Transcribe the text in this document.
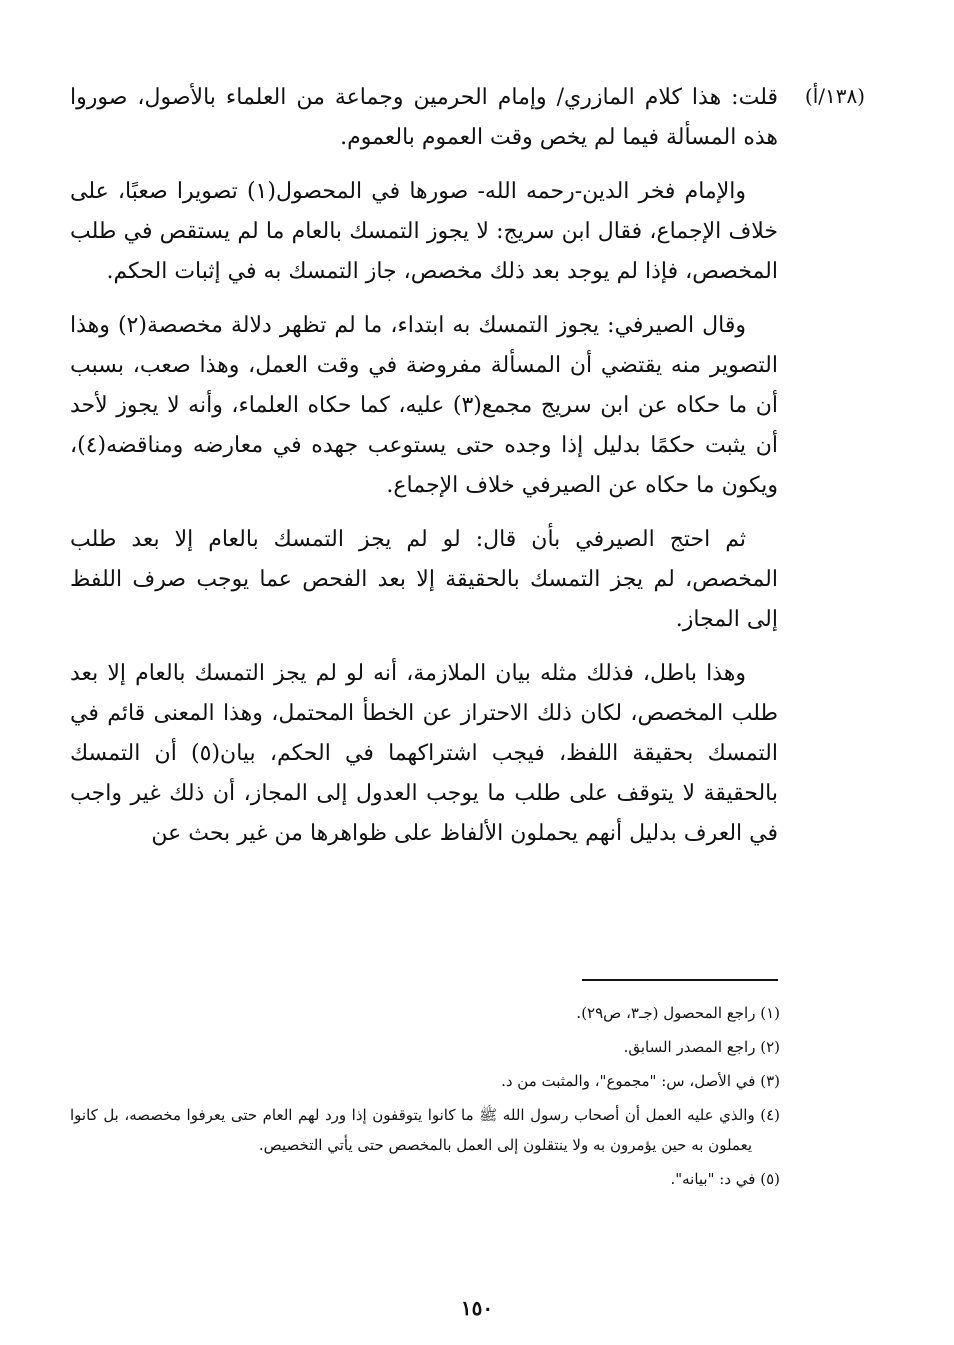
(١٣٨/أ)

قلت: هذا كلام المازري/ وإمام الحرمين وجماعة من العلماء بالأصول، صوروا هذه المسألة فيما لم يخص وقت العموم بالعموم.

والإمام فخر الدين-رحمه الله- صورها في المحصول(١) تصويرا صعبًا، على خلاف الإجماع، فقال ابن سريج: لا يجوز التمسك بالعام ما لم يستقص في طلب المخصص، فإذا لم يوجد بعد ذلك مخصص، جاز التمسك به في إثبات الحكم.

وقال الصيرفي: يجوز التمسك به ابتداء، ما لم تظهر دلالة مخصصة(٢) وهذا التصوير منه يقتضي أن المسألة مفروضة في وقت العمل، وهذا صعب، بسبب أن ما حكاه عن ابن سريج مجمع(٣) عليه، كما حكاه العلماء، وأنه لا يجوز لأحد أن يثبت حكمًا بدليل إذا وجده حتى يستوعب جهده في معارضه ومناقضه(٤)، ويكون ما حكاه عن الصيرفي خلاف الإجماع.

ثم احتج الصيرفي بأن قال: لو لم يجز التمسك بالعام إلا بعد طلب المخصص، لم يجز التمسك بالحقيقة إلا بعد الفحص عما يوجب صرف اللفظ إلى المجاز.

وهذا باطل، فذلك مثله بيان الملازمة، أنه لو لم يجز التمسك بالعام إلا بعد طلب المخصص، لكان ذلك الاحتراز عن الخطأ المحتمل، وهذا المعنى قائم في التمسك بحقيقة اللفظ، فيجب اشتراكهما في الحكم، بيان(٥) أن التمسك بالحقيقة لا يتوقف على طلب ما يوجب العدول إلى المجاز، أن ذلك غير واجب في العرف بدليل أنهم يحملون الألفاظ على ظواهرها من غير بحث عن

(١) راجع المحصول (جـ٣، ص٢٩).
(٢) راجع المصدر السابق.
(٣) في الأصل، س: "مجموع"، والمثبت من د.
(٤) والذي عليه العمل أن أصحاب رسول الله ﷺ ما كانوا يتوقفون إذا ورد لهم العام حتى يعرفوا مخصصه، بل كانوا يعملون به حين يؤمرون به ولا ينتقلون إلى العمل بالمخصص حتى يأتي التخصيص.
(٥) في د: "بيانه".
١٥٠
